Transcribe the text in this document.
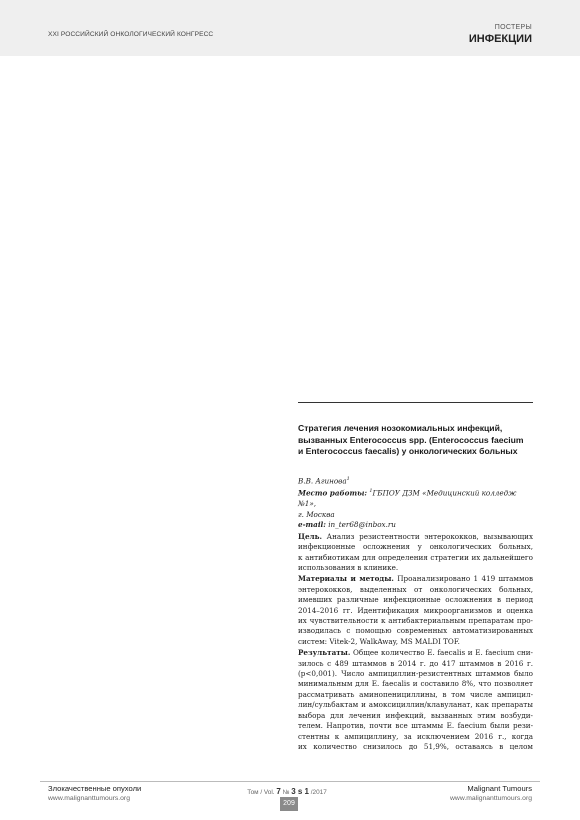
XXI РОССИЙСКИЙ ОНКОЛОГИЧЕСКИЙ КОНГРЕСС
ПОСТЕРЫ
ИНФЕКЦИИ
Стратегия лечения нозокомиальных инфекций,
вызванных Enterococcus spp. (Enterococcus faecium
и Enterococcus faecalis) у онкологических больных
В.В. Агинова$^1$
Место работы: $^1$ГБПОУ ДЗМ «Медицинский колледж №1»,
г. Москва
e-mail: in_ter68@inbox.ru
Цель. Анализ резистентности энтерококков, вызывающих
инфекционные осложнения у онкологических больных,
к антибиотикам для определения стратегии их дальнейшего
использования в клинике.
Материалы и методы. Проанализировано 1 419 штаммов
энтерококков, выделенных от онкологических больных,
имевших различные инфекционные осложнения в период
2014–2016 гг. Идентификация микроорганизмов и оценка
их чувствительности к антибактериальным препаратам про-
изводилась с помощью современных автоматизированных
систем: Vitek-2, WalkAway, MS MALDI TOF.
Результаты. Общее количество E. faecalis и E. faecium сни-
зилось с 489 штаммов в 2014 г. до 417 штаммов в 2016 г.
(p<0,001). Число ампициллин-резистентных штаммов было
минимальным для E. faecalis и составило 8%, что позволяет
рассматривать аминопенициллины, в том числе ампицил-
лин/сульбактам и амоксициллин/клавуланат, как препараты
выбора для лечения инфекций, вызванных этим возбуди-
телем. Напротив, почти все штаммы E. faecium были рези-
стентны к ампициллину, за исключением 2016 г., когда
их количество снизилось до 51,9%, оставаясь в целом
Злокачественные опухоли
www.malignanttumours.org
Том / Vol. 7 № 3 s 1 /2017
209
Malignant Tumours
www.malignanttumours.org
